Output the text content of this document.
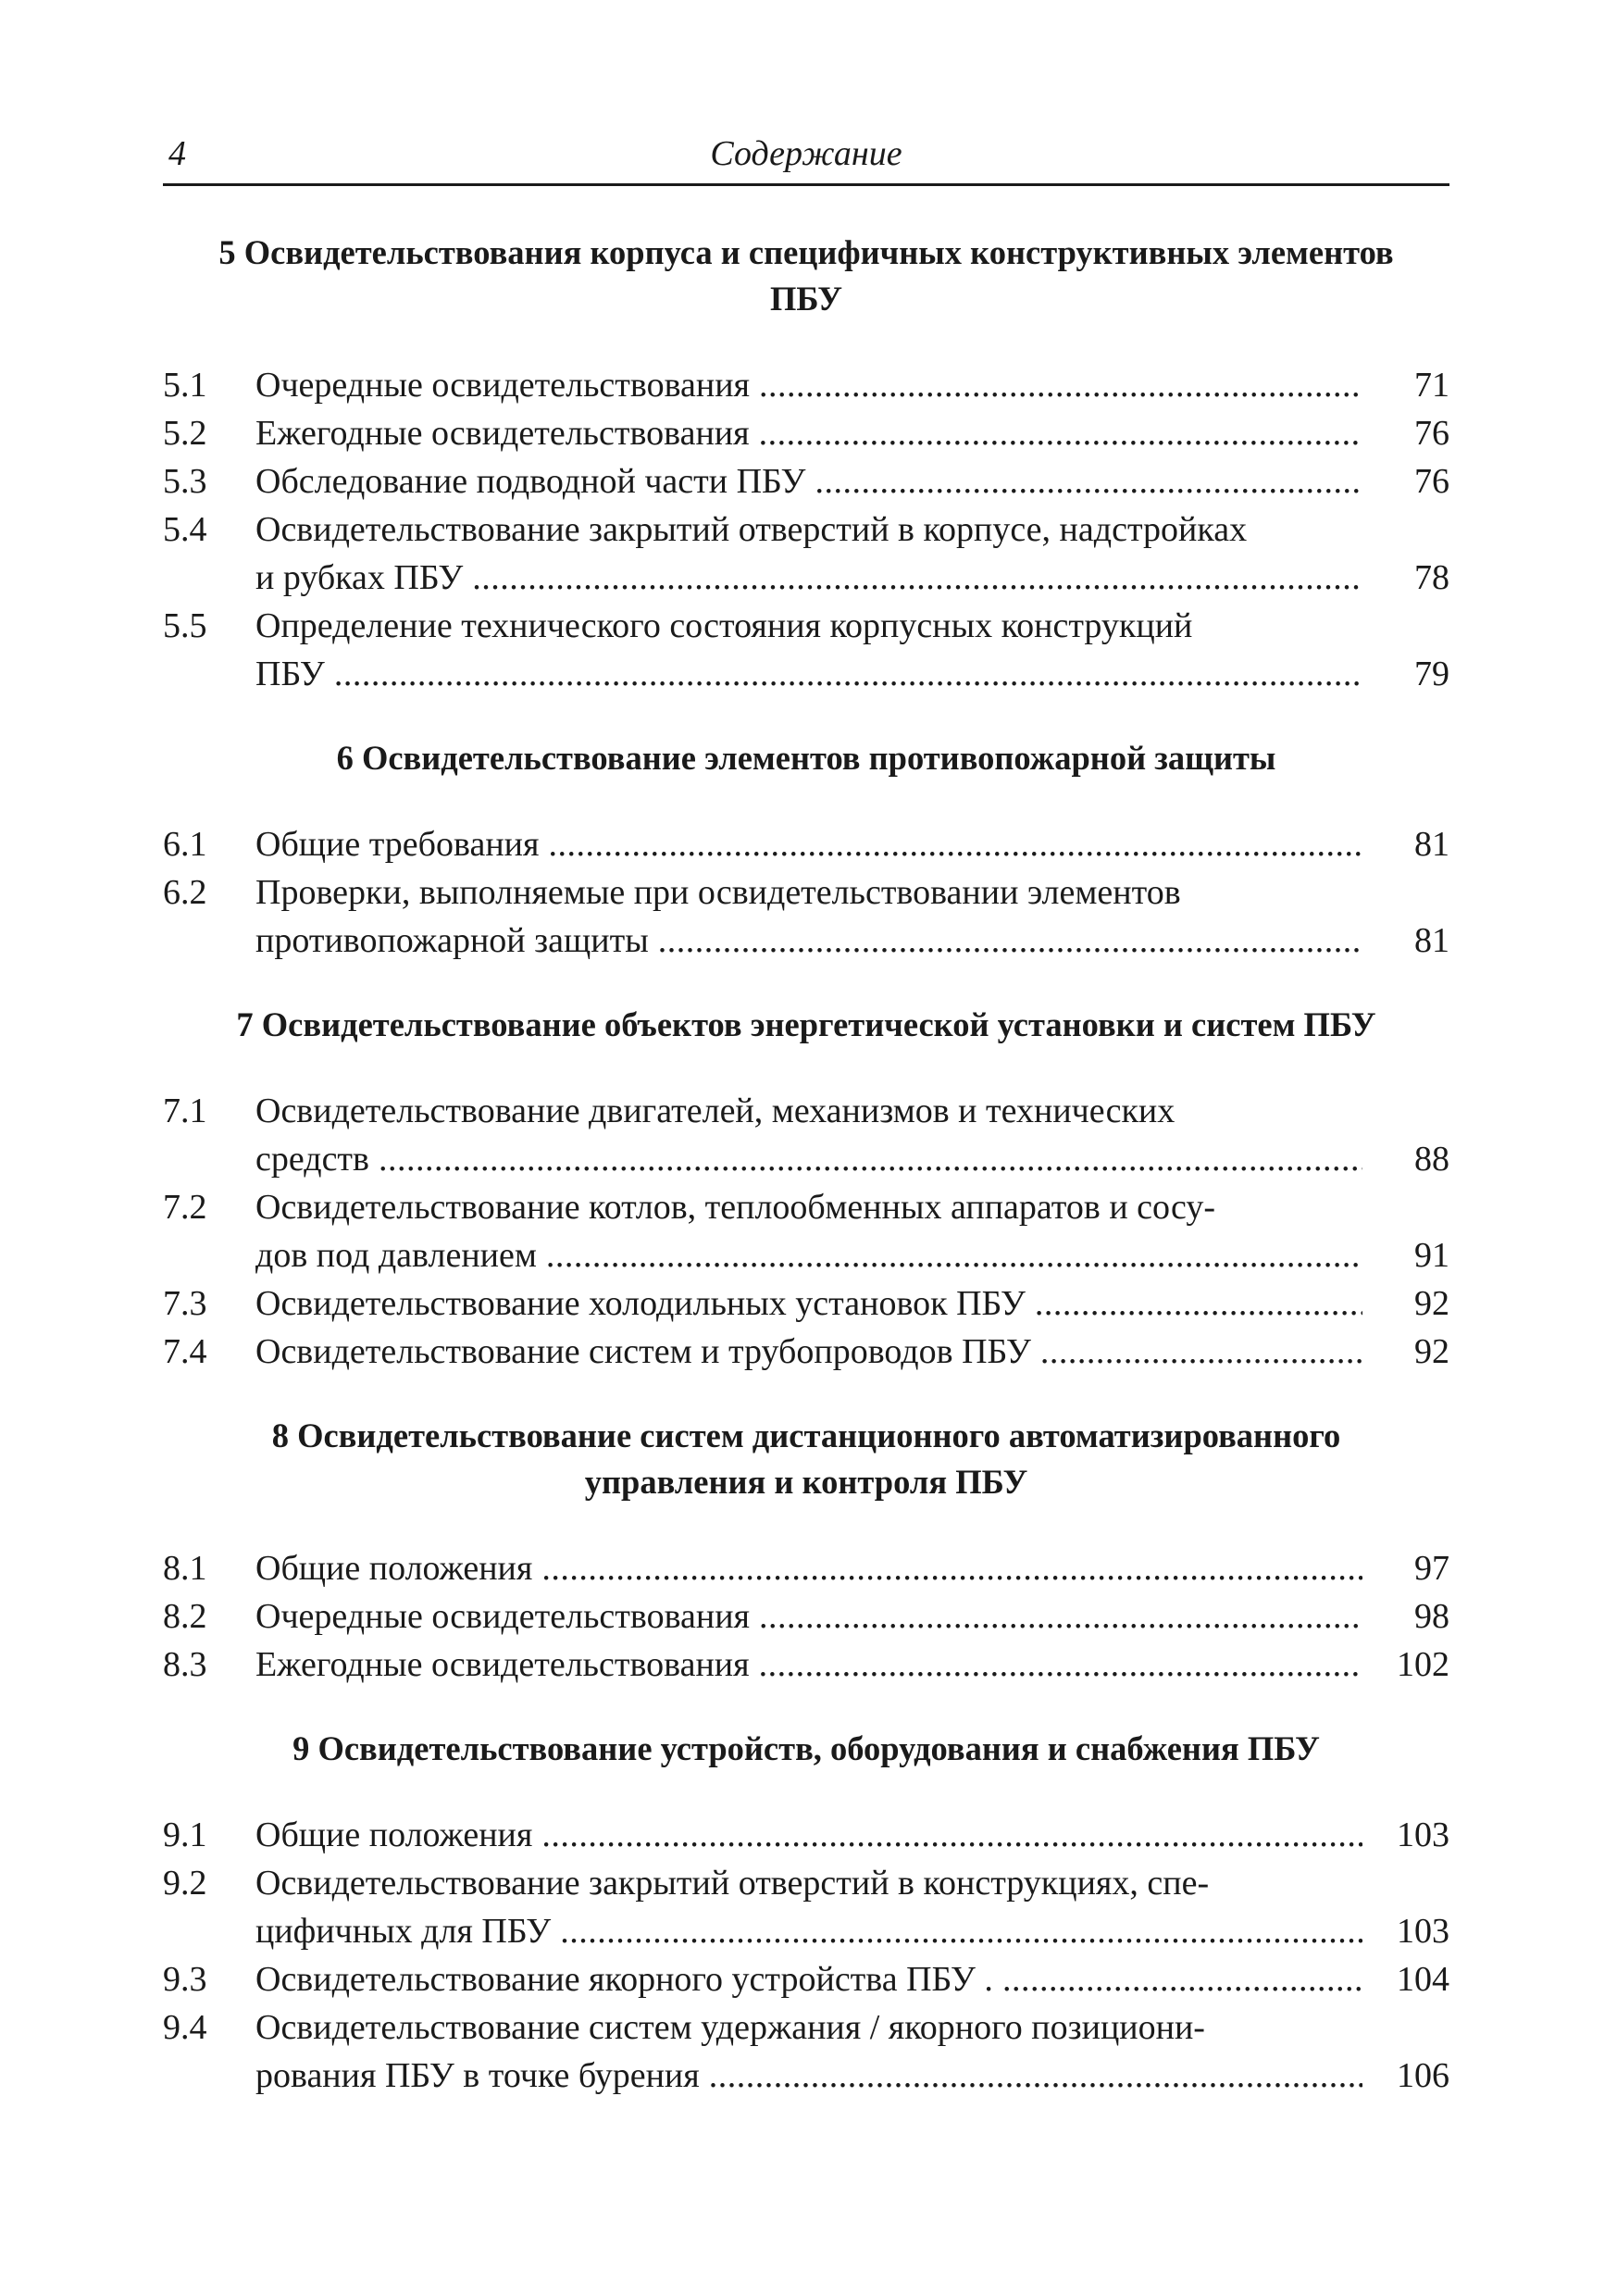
4	Содержание
5 Освидетельствования корпуса и специфичных конструктивных элементов
ПБУ
5.1 Очередные освидетельствования .....	71
5.2 Ежегодные освидетельствования .....	76
5.3 Обследование подводной части ПБУ .....	76
5.4 Освидетельствование закрытий отверстий в корпусе, надстройках
и рубках ПБУ .....	78
5.5 Определение технического состояния корпусных конструкций
ПБУ .....	79
6 Освидетельствование элементов противопожарной защиты
6.1 Общие требования .....	81
6.2 Проверки, выполняемые при освидетельствовании элементов
противопожарной защиты .....	81
7 Освидетельствование объектов энергетической установки и систем ПБУ
7.1 Освидетельствование двигателей, механизмов и технических
средств .....	88
7.2 Освидетельствование котлов, теплообменных аппаратов и сосу-
дов под давлением .....	91
7.3 Освидетельствование холодильных установок ПБУ .....	92
7.4 Освидетельствование систем и трубопроводов ПБУ .....	92
8 Освидетельствование систем дистанционного автоматизированного
управления и контроля ПБУ
8.1 Общие положения .....	97
8.2 Очередные освидетельствования .....	98
8.3 Ежегодные освидетельствования .....	102
9 Освидетельствование устройств, оборудования и снабжения ПБУ
9.1 Общие положения .....	103
9.2 Освидетельствование закрытий отверстий в конструкциях, спе-
цифичных для ПБУ .....	103
9.3 Освидетельствование якорного устройства ПБУ . .....	104
9.4 Освидетельствование систем удержания / якорного позициони-
рования ПБУ в точке бурения .....	106
